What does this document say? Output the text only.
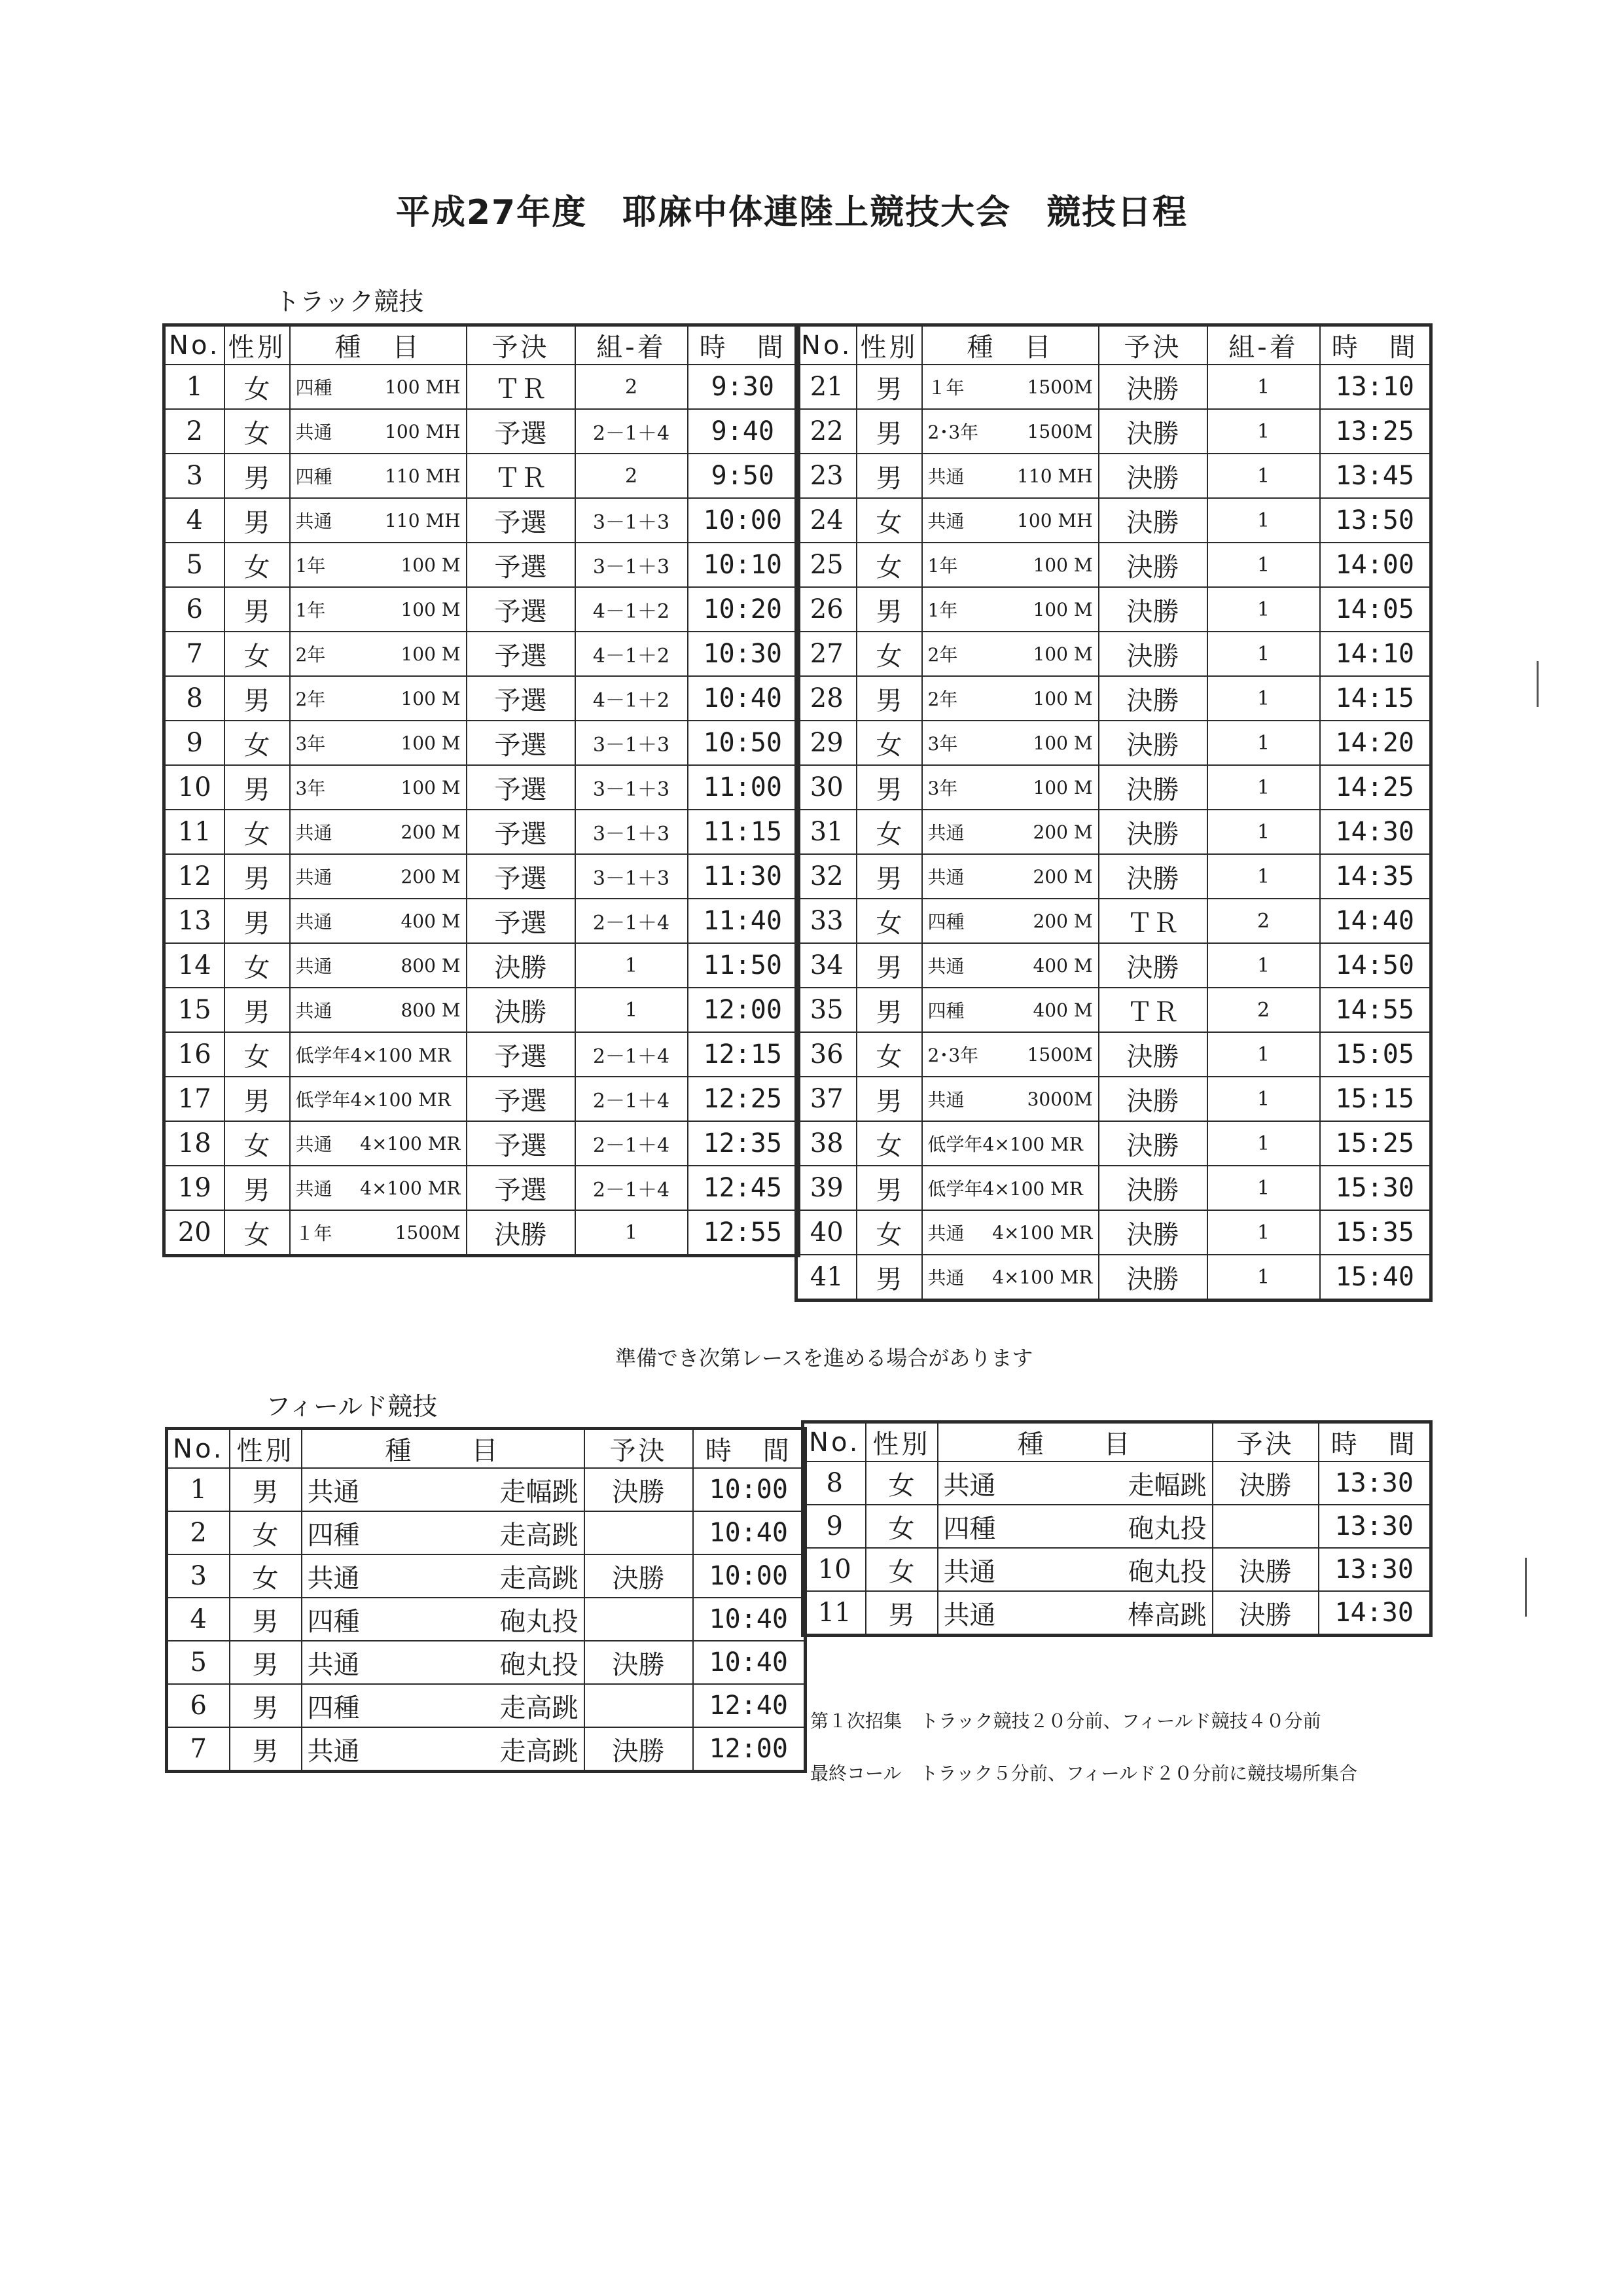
平成27年度　耶麻中体連陸上競技大会　競技日程
トラック競技
No.	性別	種　目	予決	組-着	時　間
1	女	四種 100 MH	ＴＲ	2	9:30
2	女	共通 100 MH	予選	2－1＋4	9:40
3	男	四種 110 MH	ＴＲ	2	9:50
4	男	共通 110 MH	予選	3－1＋3	10:00
5	女	1年 100 M	予選	3－1＋3	10:10
6	男	1年 100 M	予選	4－1＋2	10:20
7	女	2年 100 M	予選	4－1＋2	10:30
8	男	2年 100 M	予選	4－1＋2	10:40
9	女	3年 100 M	予選	3－1＋3	10:50
10	男	3年 100 M	予選	3－1＋3	11:00
11	女	共通 200 M	予選	3－1＋3	11:15
12	男	共通 200 M	予選	3－1＋3	11:30
13	男	共通 400 M	予選	2－1＋4	11:40
14	女	共通 800 M	決勝	1	11:50
15	男	共通 800 M	決勝	1	12:00
16	女	低学年4×100 MR	予選	2－1＋4	12:15
17	男	低学年4×100 MR	予選	2－1＋4	12:25
18	女	共通 4×100 MR	予選	2－1＋4	12:35
19	男	共通 4×100 MR	予選	2－1＋4	12:45
20	女	１年 1500M	決勝	1	12:55
No.	性別	種　目	予決	組-着	時　間
21	男	１年 1500M	決勝	1	13:10
22	男	2･3年 1500M	決勝	1	13:25
23	男	共通 110 MH	決勝	1	13:45
24	女	共通 100 MH	決勝	1	13:50
25	女	1年 100 M	決勝	1	14:00
26	男	1年 100 M	決勝	1	14:05
27	女	2年 100 M	決勝	1	14:10
28	男	2年 100 M	決勝	1	14:15
29	女	3年 100 M	決勝	1	14:20
30	男	3年 100 M	決勝	1	14:25
31	女	共通 200 M	決勝	1	14:30
32	男	共通 200 M	決勝	1	14:35
33	女	四種 200 M	ＴＲ	2	14:40
34	男	共通 400 M	決勝	1	14:50
35	男	四種 400 M	ＴＲ	2	14:55
36	女	2･3年 1500M	決勝	1	15:05
37	男	共通 3000M	決勝	1	15:15
38	女	低学年4×100 MR	決勝	1	15:25
39	男	低学年4×100 MR	決勝	1	15:30
40	女	共通 4×100 MR	決勝	1	15:35
41	男	共通 4×100 MR	決勝	1	15:40
準備でき次第レースを進める場合があります
フィールド競技
No.	性別	種　　目	予決	時　間
1	男	共通 走幅跳	決勝	10:00
2	女	四種 走高跳		10:40
3	女	共通 走高跳	決勝	10:00
4	男	四種 砲丸投		10:40
5	男	共通 砲丸投	決勝	10:40
6	男	四種 走高跳		12:40
7	男	共通 走高跳	決勝	12:00
No.	性別	種　　目	予決	時　間
8	女	共通 走幅跳	決勝	13:30
9	女	四種 砲丸投		13:30
10	女	共通 砲丸投	決勝	13:30
11	男	共通 棒高跳	決勝	14:30
第１次招集　トラック競技２０分前、フィールド競技４０分前
最終コール　トラック５分前、フィールド２０分前に競技場所集合
